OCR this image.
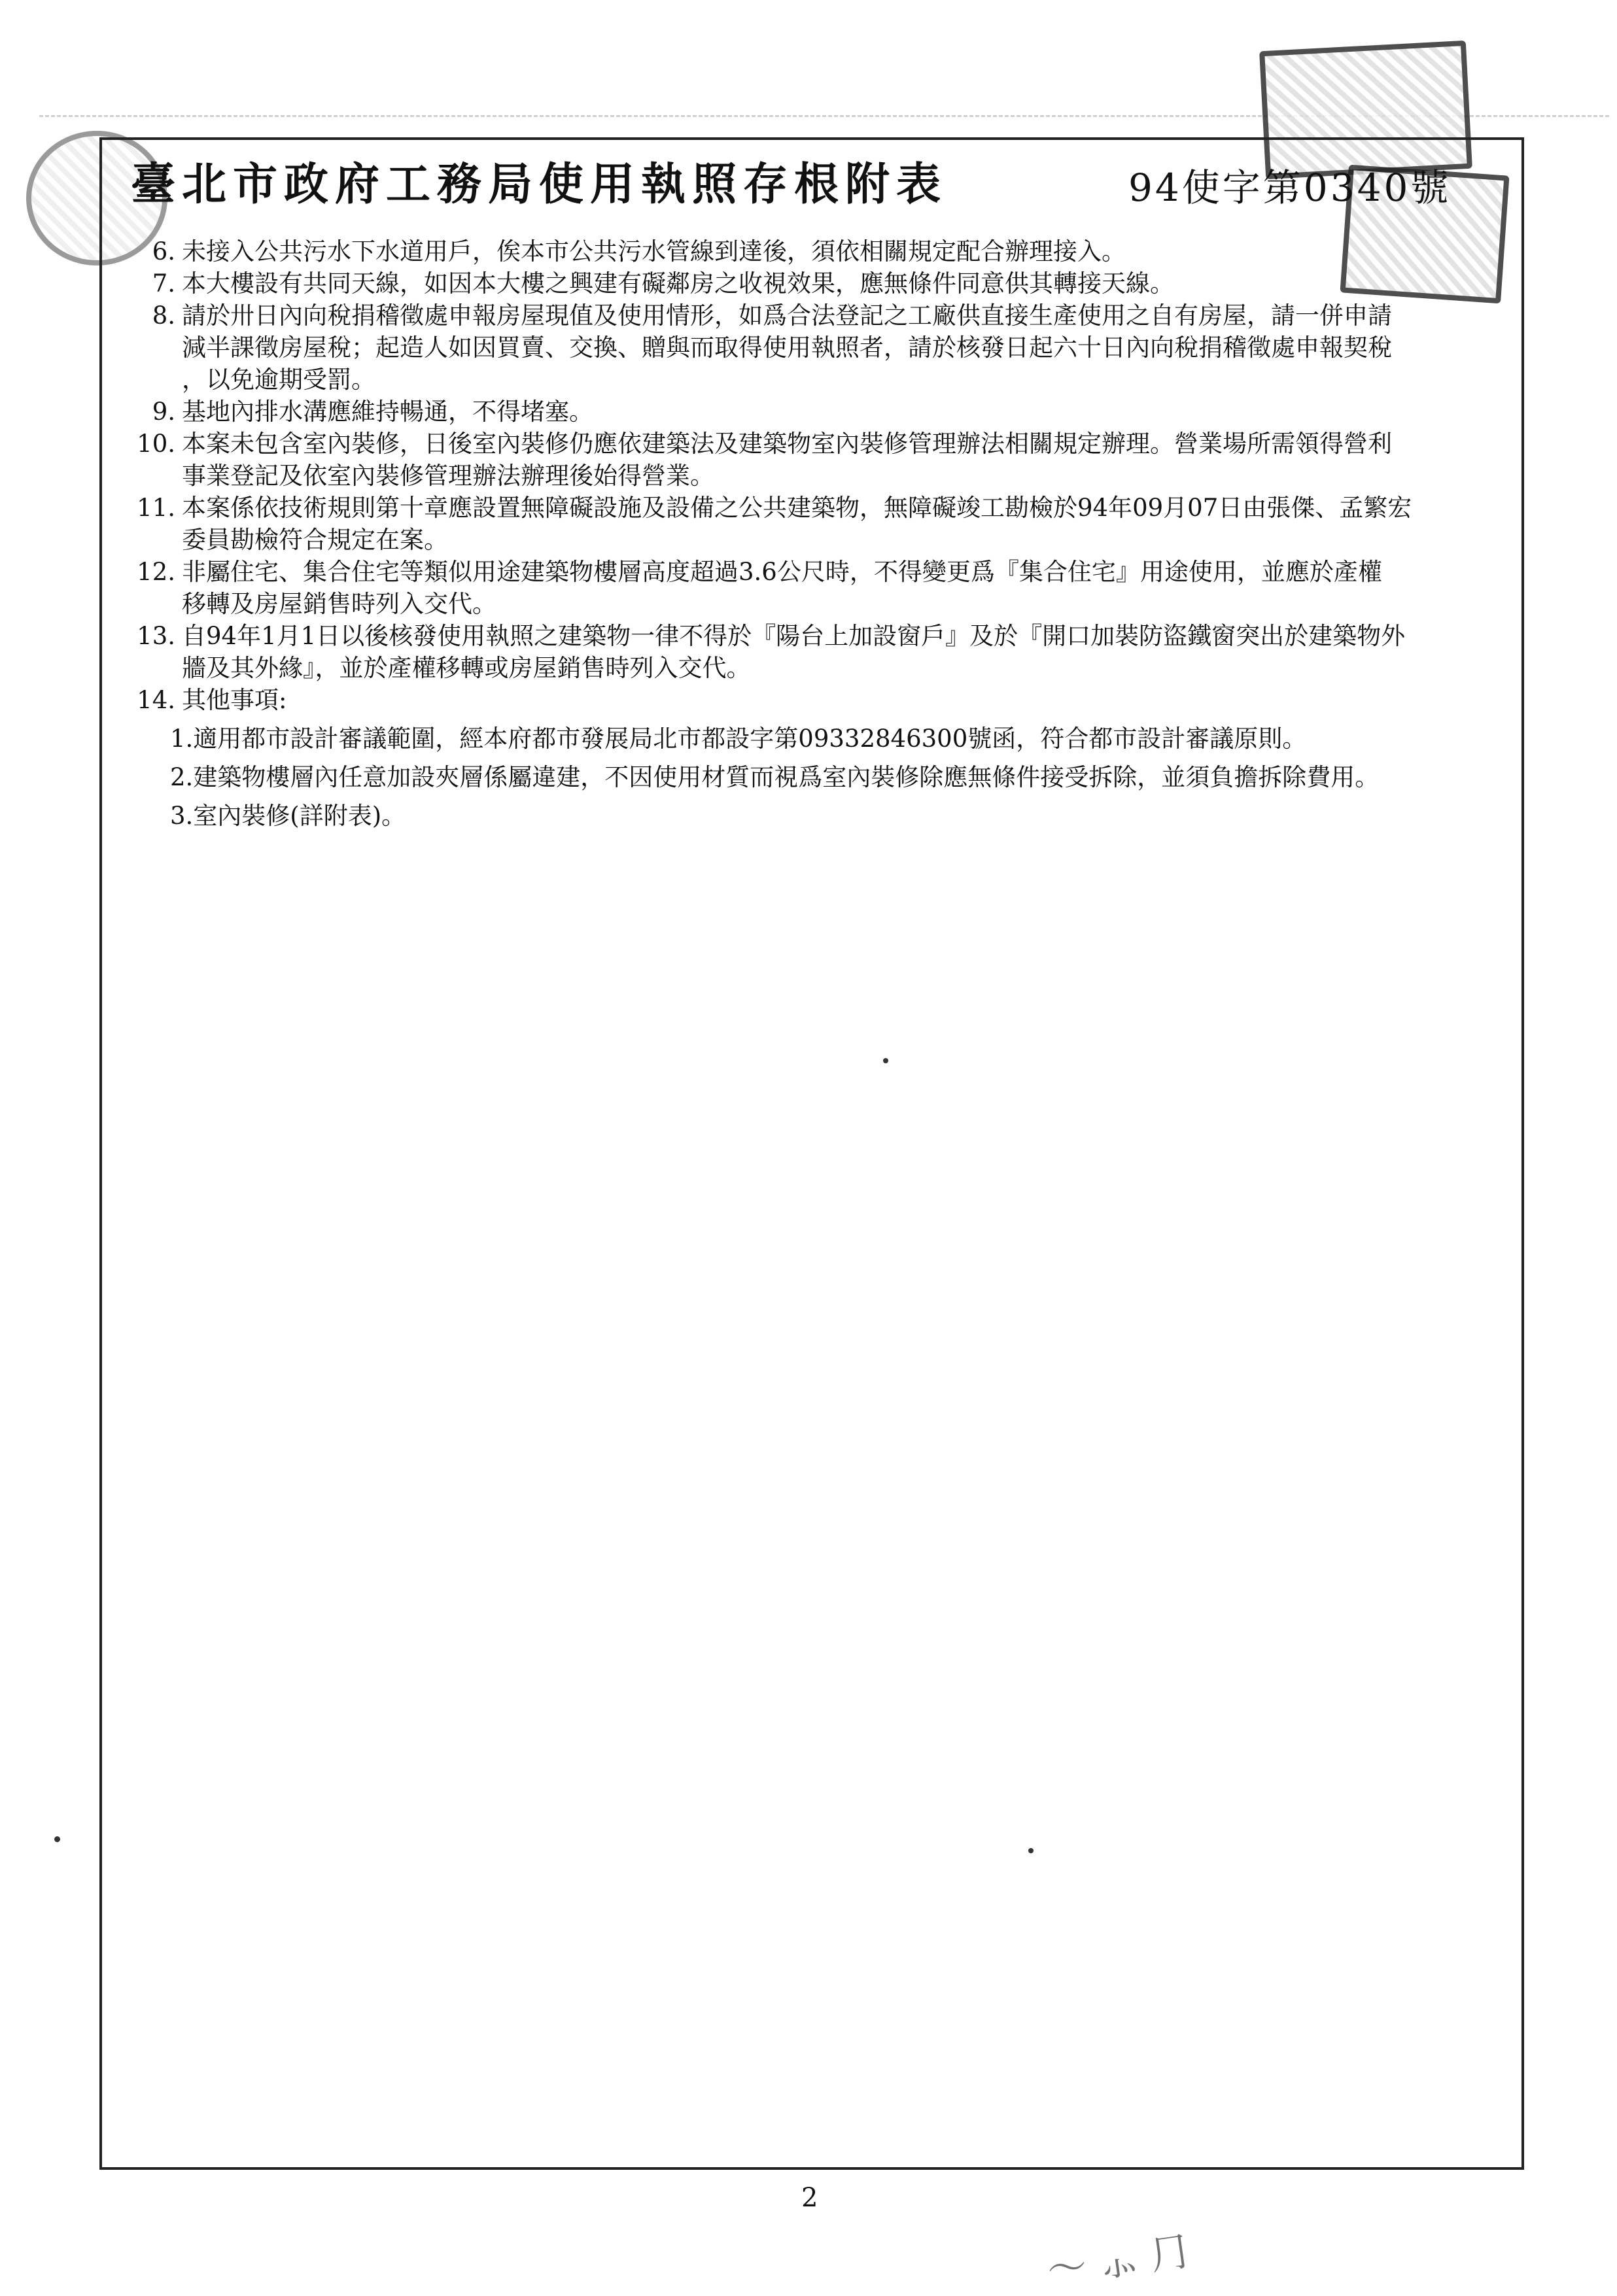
臺北市政府工務局使用執照存根附表	94使字第0340號
6. 未接入公共污水下水道用戶，俟本市公共污水管線到達後，須依相關規定配合辦理接入。
7. 本大樓設有共同天線，如因本大樓之興建有礙鄰房之收視效果，應無條件同意供其轉接天線。
8. 請於卅日內向稅捐稽徵處申報房屋現值及使用情形，如爲合法登記之工廠供直接生產使用之自有房屋，請一併申請
減半課徵房屋稅；起造人如因買賣、交換、贈與而取得使用執照者，請於核發日起六十日內向稅捐稽徵處申報契稅
，以免逾期受罰。
9. 基地內排水溝應維持暢通，不得堵塞。
10. 本案未包含室內裝修，日後室內裝修仍應依建築法及建築物室內裝修管理辦法相關規定辦理。營業場所需領得營利
事業登記及依室內裝修管理辦法辦理後始得營業。
11. 本案係依技術規則第十章應設置無障礙設施及設備之公共建築物，無障礙竣工勘檢於94年09月07日由張傑、孟繁宏
委員勘檢符合規定在案。
12. 非屬住宅、集合住宅等類似用途建築物樓層高度超過3.6公尺時，不得變更爲『集合住宅』用途使用，並應於產權
移轉及房屋銷售時列入交代。
13. 自94年1月1日以後核發使用執照之建築物一律不得於『陽台上加設窗戶』及於『開口加裝防盜鐵窗突出於建築物外
牆及其外緣』，並於產權移轉或房屋銷售時列入交代。
14. 其他事項:
1.適用都市設計審議範圍，經本府都市發展局北市都設字第09332846300號函，符合都市設計審議原則。
2.建築物樓層內任意加設夾層係屬違建，不因使用材質而視爲室內裝修除應無條件接受拆除，並須負擔拆除費用。
3.室內裝修(詳附表)。
2
〜 ⺗ ⺆
